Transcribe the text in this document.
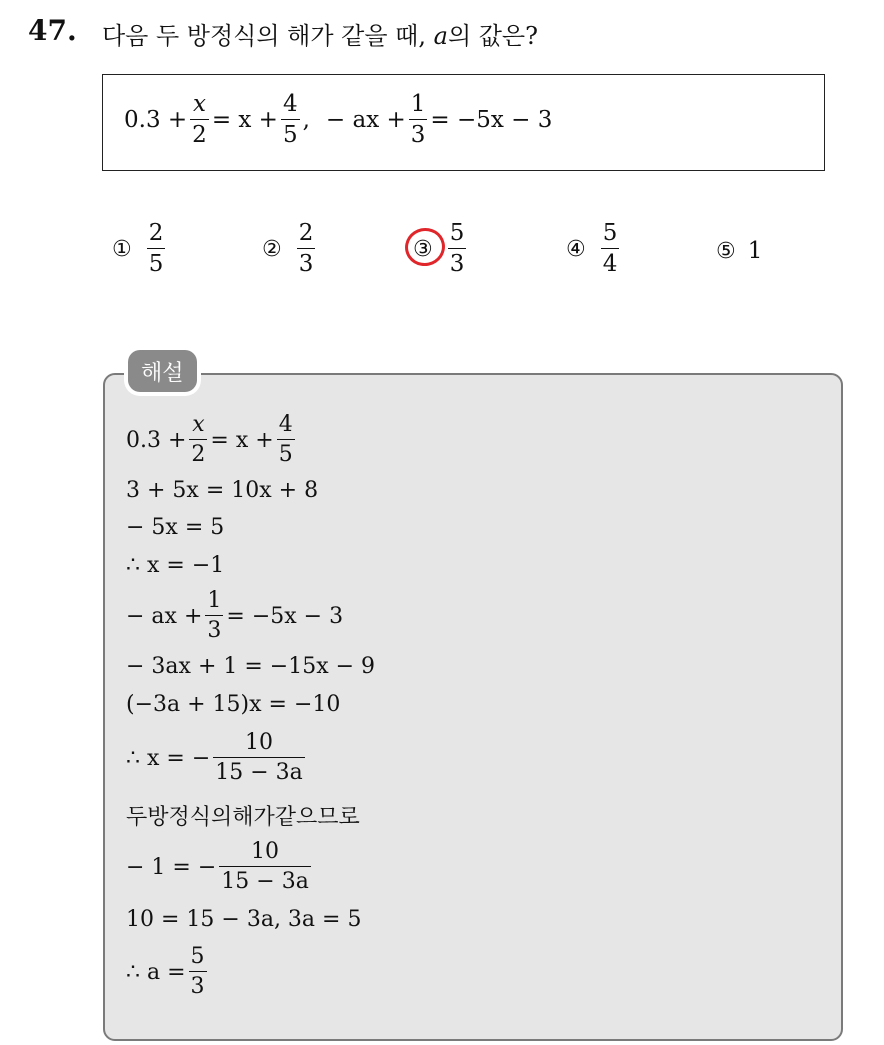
47. 다음 두 방정식의 해가 같을 때, a의 값은?
$0.3 + \frac{x}{2} = x + \frac{4}{5}$ , − ax + $\frac{1}{3} = -5x - 3$
① $\frac{2}{5}$	② $\frac{2}{3}$	③ $\frac{5}{3}$	④ $\frac{5}{4}$	⑤ 1
해설
$0.3 + \frac{x}{2} = x + \frac{4}{5}$
3 + 5x = 10x + 8
− 5x = 5
∴ x = −1
− ax + $\frac{1}{3} = -5x - 3$
− 3ax + 1 = −15x − 9
(−3a + 15)x = −10
∴ x = − $\frac{10}{15 - 3a}$
두방정식의해가같으므로
− 1 = − $\frac{10}{15 - 3a}$
10 = 15 − 3a, 3a = 5
∴ $a = \frac{5}{3}$
